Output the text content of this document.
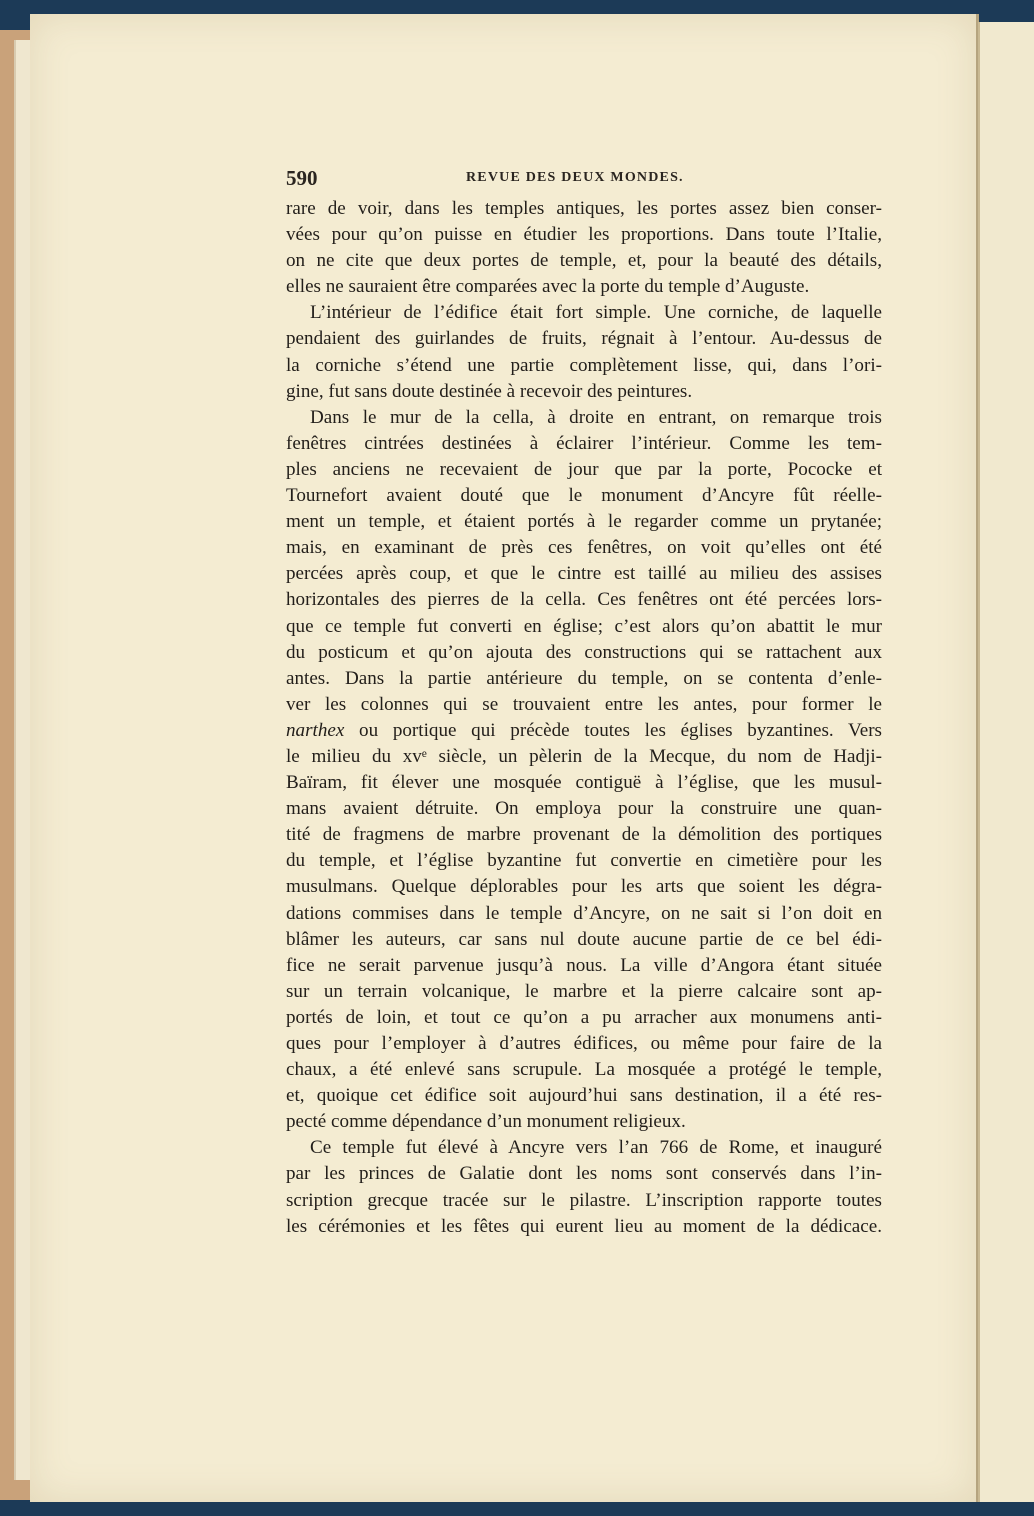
590	REVUE DES DEUX MONDES.
rare de voir, dans les temples antiques, les portes assez bien conser-
vées pour qu’on puisse en étudier les proportions. Dans toute l’Italie,
on ne cite que deux portes de temple, et, pour la beauté des détails,
elles ne sauraient être comparées avec la porte du temple d’Auguste.
L’intérieur de l’édifice était fort simple. Une corniche, de laquelle
pendaient des guirlandes de fruits, régnait à l’entour. Au-dessus de
la corniche s’étend une partie complètement lisse, qui, dans l’ori-
gine, fut sans doute destinée à recevoir des peintures.
Dans le mur de la cella, à droite en entrant, on remarque trois
fenêtres cintrées destinées à éclairer l’intérieur. Comme les tem-
ples anciens ne recevaient de jour que par la porte, Pococke et
Tournefort avaient douté que le monument d’Ancyre fût réelle-
ment un temple, et étaient portés à le regarder comme un prytanée;
mais, en examinant de près ces fenêtres, on voit qu’elles ont été
percées après coup, et que le cintre est taillé au milieu des assises
horizontales des pierres de la cella. Ces fenêtres ont été percées lors-
que ce temple fut converti en église; c’est alors qu’on abattit le mur
du posticum et qu’on ajouta des constructions qui se rattachent aux
antes. Dans la partie antérieure du temple, on se contenta d’enle-
ver les colonnes qui se trouvaient entre les antes, pour former le
narthex ou portique qui précède toutes les églises byzantines. Vers
le milieu du xvᵉ siècle, un pèlerin de la Mecque, du nom de Hadji-
Baïram, fit élever une mosquée contiguë à l’église, que les musul-
mans avaient détruite. On employa pour la construire une quan-
tité de fragmens de marbre provenant de la démolition des portiques
du temple, et l’église byzantine fut convertie en cimetière pour les
musulmans. Quelque déplorables pour les arts que soient les dégra-
dations commises dans le temple d’Ancyre, on ne sait si l’on doit en
blâmer les auteurs, car sans nul doute aucune partie de ce bel édi-
fice ne serait parvenue jusqu’à nous. La ville d’Angora étant située
sur un terrain volcanique, le marbre et la pierre calcaire sont ap-
portés de loin, et tout ce qu’on a pu arracher aux monumens anti-
ques pour l’employer à d’autres édifices, ou même pour faire de la
chaux, a été enlevé sans scrupule. La mosquée a protégé le temple,
et, quoique cet édifice soit aujourd’hui sans destination, il a été res-
pecté comme dépendance d’un monument religieux.
Ce temple fut élevé à Ancyre vers l’an 766 de Rome, et inauguré
par les princes de Galatie dont les noms sont conservés dans l’in-
scription grecque tracée sur le pilastre. L’inscription rapporte toutes
les cérémonies et les fêtes qui eurent lieu au moment de la dédicace.
